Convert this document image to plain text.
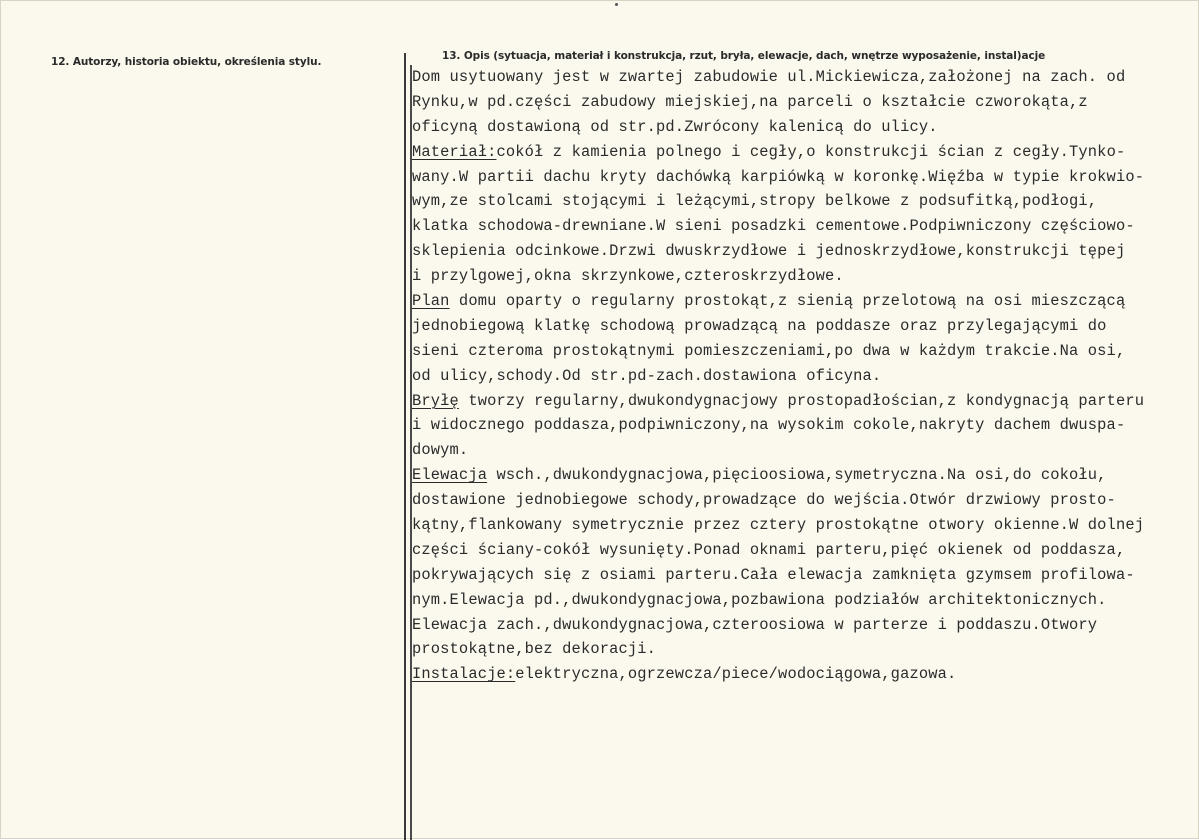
12. Autorzy, historia obiektu, określenia stylu.	13. Opis (sytuacja, materiał i konstrukcja, rzut, bryła, elewacje, dach, wnętrze wyposażenie, instal)acje
Dom usytuowany jest w zwartej zabudowie ul.Mickiewicza,założonej na zach. od
Rynku,w pd.części zabudowy miejskiej,na parceli o kształcie czworokąta,z
oficyną dostawioną od str.pd.Zwrócony kalenicą do ulicy.
Materiał:cokół z kamienia polnego i cegły,o konstrukcji ścian z cegły.Tynko-
wany.W partii dachu kryty dachówką karpiówką w koronkę.Więźba w typie krokwio-
wym,ze stolcami stojącymi i leżącymi,stropy belkowe z podsufitką,podłogi,
klatka schodowa-drewniane.W sieni posadzki cementowe.Podpiwniczony częściowo-
sklepienia odcinkowe.Drzwi dwuskrzydłowe i jednoskrzydłowe,konstrukcji tępej
i przylgowej,okna skrzynkowe,czteroskrzydłowe.
Plan domu oparty o regularny prostokąt,z sienią przelotową na osi mieszczącą
jednobiegową klatkę schodową prowadzącą na poddasze oraz przylegającymi do
sieni czteroma prostokątnymi pomieszczeniami,po dwa w każdym trakcie.Na osi,
od ulicy,schody.Od str.pd-zach.dostawiona oficyna.
Bryłę tworzy regularny,dwukondygnacjowy prostopadłościan,z kondygnacją parteru
i widocznego poddasza,podpiwniczony,na wysokim cokole,nakryty dachem dwuspa-
dowym.
Elewacja wsch.,dwukondygnacjowa,pięcioosiowa,symetryczna.Na osi,do cokołu,
dostawione jednobiegowe schody,prowadzące do wejścia.Otwór drzwiowy prosto-
kątny,flankowany symetrycznie przez cztery prostokątne otwory okienne.W dolnej
części ściany-cokół wysunięty.Ponad oknami parteru,pięć okienek od poddasza,
pokrywających się z osiami parteru.Cała elewacja zamknięta gzymsem profilowa-
nym.Elewacja pd.,dwukondygnacjowa,pozbawiona podziałów architektonicznych.
Elewacja zach.,dwukondygnacjowa,czteroosiowa w parterze i poddaszu.Otwory
prostokątne,bez dekoracji.
Instalacje:elektryczna,ogrzewcza/piece/wodociągowa,gazowa.
